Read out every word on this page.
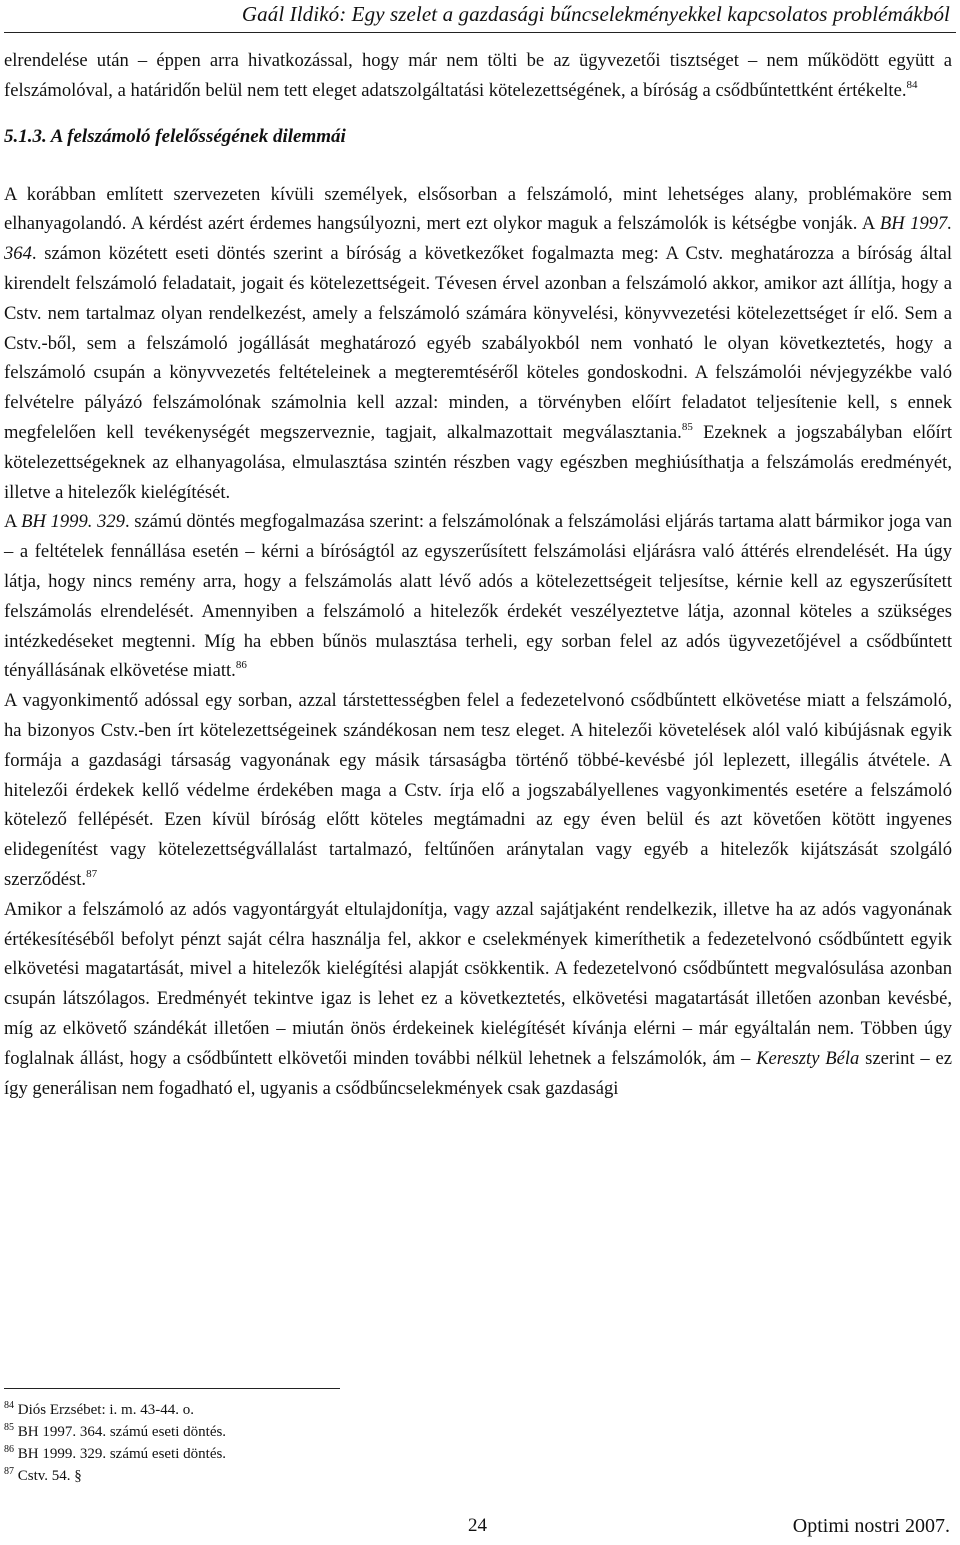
Gaál Ildikó: Egy szelet a gazdasági bűncselekményekkel kapcsolatos problémákból

elrendelése után – éppen arra hivatkozással, hogy már nem tölti be az ügyvezetői tisztséget – nem működött együtt a felszámolóval, a határidőn belül nem tett eleget adatszolgáltatási kötelezettségének, a bíróság a csődbűntettként értékelte.$^{84}$

5.1.3. A felszámoló felelősségének dilemmái

A korábban említett szervezeten kívüli személyek, elsősorban a felszámoló, mint lehetséges alany, problémaköre sem elhanyagolandó. A kérdést azért érdemes hangsúlyozni, mert ezt olykor maguk a felszámolók is kétségbe vonják. A BH 1997. 364. számon közétett eseti döntés szerint a bíróság a következőket fogalmazta meg: A Cstv. meghatározza a bíróság által kirendelt felszámoló feladatait, jogait és kötelezettségeit. Tévesen érvel azonban a felszámoló akkor, amikor azt állítja, hogy a Cstv. nem tartalmaz olyan rendelkezést, amely a felszámoló számára könyvelési, könyvvezetési kötelezettséget ír elő. Sem a Cstv.-ből, sem a felszámoló jogállását meghatározó egyéb szabályokból nem vonható le olyan következtetés, hogy a felszámoló csupán a könyvvezetés feltételeinek a megteremtéséről köteles gondoskodni. A felszámolói névjegyzékbe való felvételre pályázó felszámolónak számolnia kell azzal: minden, a törvényben előírt feladatot teljesítenie kell, s ennek megfelelően kell tevékenységét megszerveznie, tagjait, alkalmazottait megválasztania.$^{85}$ Ezeknek a jogszabályban előírt kötelezettségeknek az elhanyagolása, elmulasztása szintén részben vagy egészben meghiúsíthatja a felszámolás eredményét, illetve a hitelezők kielégítését.

A BH 1999. 329. számú döntés megfogalmazása szerint: a felszámolónak a felszámolási eljárás tartama alatt bármikor joga van – a feltételek fennállása esetén – kérni a bíróságtól az egyszerűsített felszámolási eljárásra való áttérés elrendelését. Ha úgy látja, hogy nincs remény arra, hogy a felszámolás alatt lévő adós a kötelezettségeit teljesítse, kérnie kell az egyszerűsített felszámolás elrendelését. Amennyiben a felszámoló a hitelezők érdekét veszélyeztetve látja, azonnal köteles a szükséges intézkedéseket megtenni. Míg ha ebben bűnös mulasztása terheli, egy sorban felel az adós ügyvezetőjével a csődbűntett tényállásának elkövetése miatt.$^{86}$

A vagyonkimentő adóssal egy sorban, azzal társtettességben felel a fedezetelvonó csődbűntett elkövetése miatt a felszámoló, ha bizonyos Cstv.-ben írt kötelezettségeinek szándékosan nem tesz eleget. A hitelezői követelések alól való kibújásnak egyik formája a gazdasági társaság vagyonának egy másik társaságba történő többé-kevésbé jól leplezett, illegális átvétele. A hitelezői érdekek kellő védelme érdekében maga a Cstv. írja elő a jogszabályellenes vagyonkimentés esetére a felszámoló kötelező fellépését. Ezen kívül bíróság előtt köteles megtámadni az egy éven belül és azt követően kötött ingyenes elidegenítést vagy kötelezettségvállalást tartalmazó, feltűnően aránytalan vagy egyéb a hitelezők kijátszását szolgáló szerződést.$^{87}$

Amikor a felszámoló az adós vagyontárgyát eltulajdonítja, vagy azzal sajátjaként rendelkezik, illetve ha az adós vagyonának értékesítéséből befolyt pénzt saját célra használja fel, akkor e cselekmények kimeríthetik a fedezetelvonó csődbűntett egyik elkövetési magatartását, mivel a hitelezők kielégítési alapját csökkentik. A fedezetelvonó csődbűntett megvalósulása azonban csupán látszólagos. Eredményét tekintve igaz is lehet ez a következtetés, elkövetési magatartását illetően azonban kevésbé, míg az elkövető szándékát illetően – miután önös érdekeinek kielégítését kívánja elérni – már egyáltalán nem. Többen úgy foglalnak állást, hogy a csődbűntett elkövetői minden további nélkül lehetnek a felszámolók, ám – Kereszty Béla szerint – ez így generálisan nem fogadható el, ugyanis a csődbűncselekmények csak gazdasági

$^{84}$ Diós Erzsébet: i. m. 43-44. o.

$^{85}$ BH 1997. 364. számú eseti döntés.

$^{86}$ BH 1999. 329. számú eseti döntés.

$^{87}$ Cstv. 54. §

24	Optimi nostri 2007.
